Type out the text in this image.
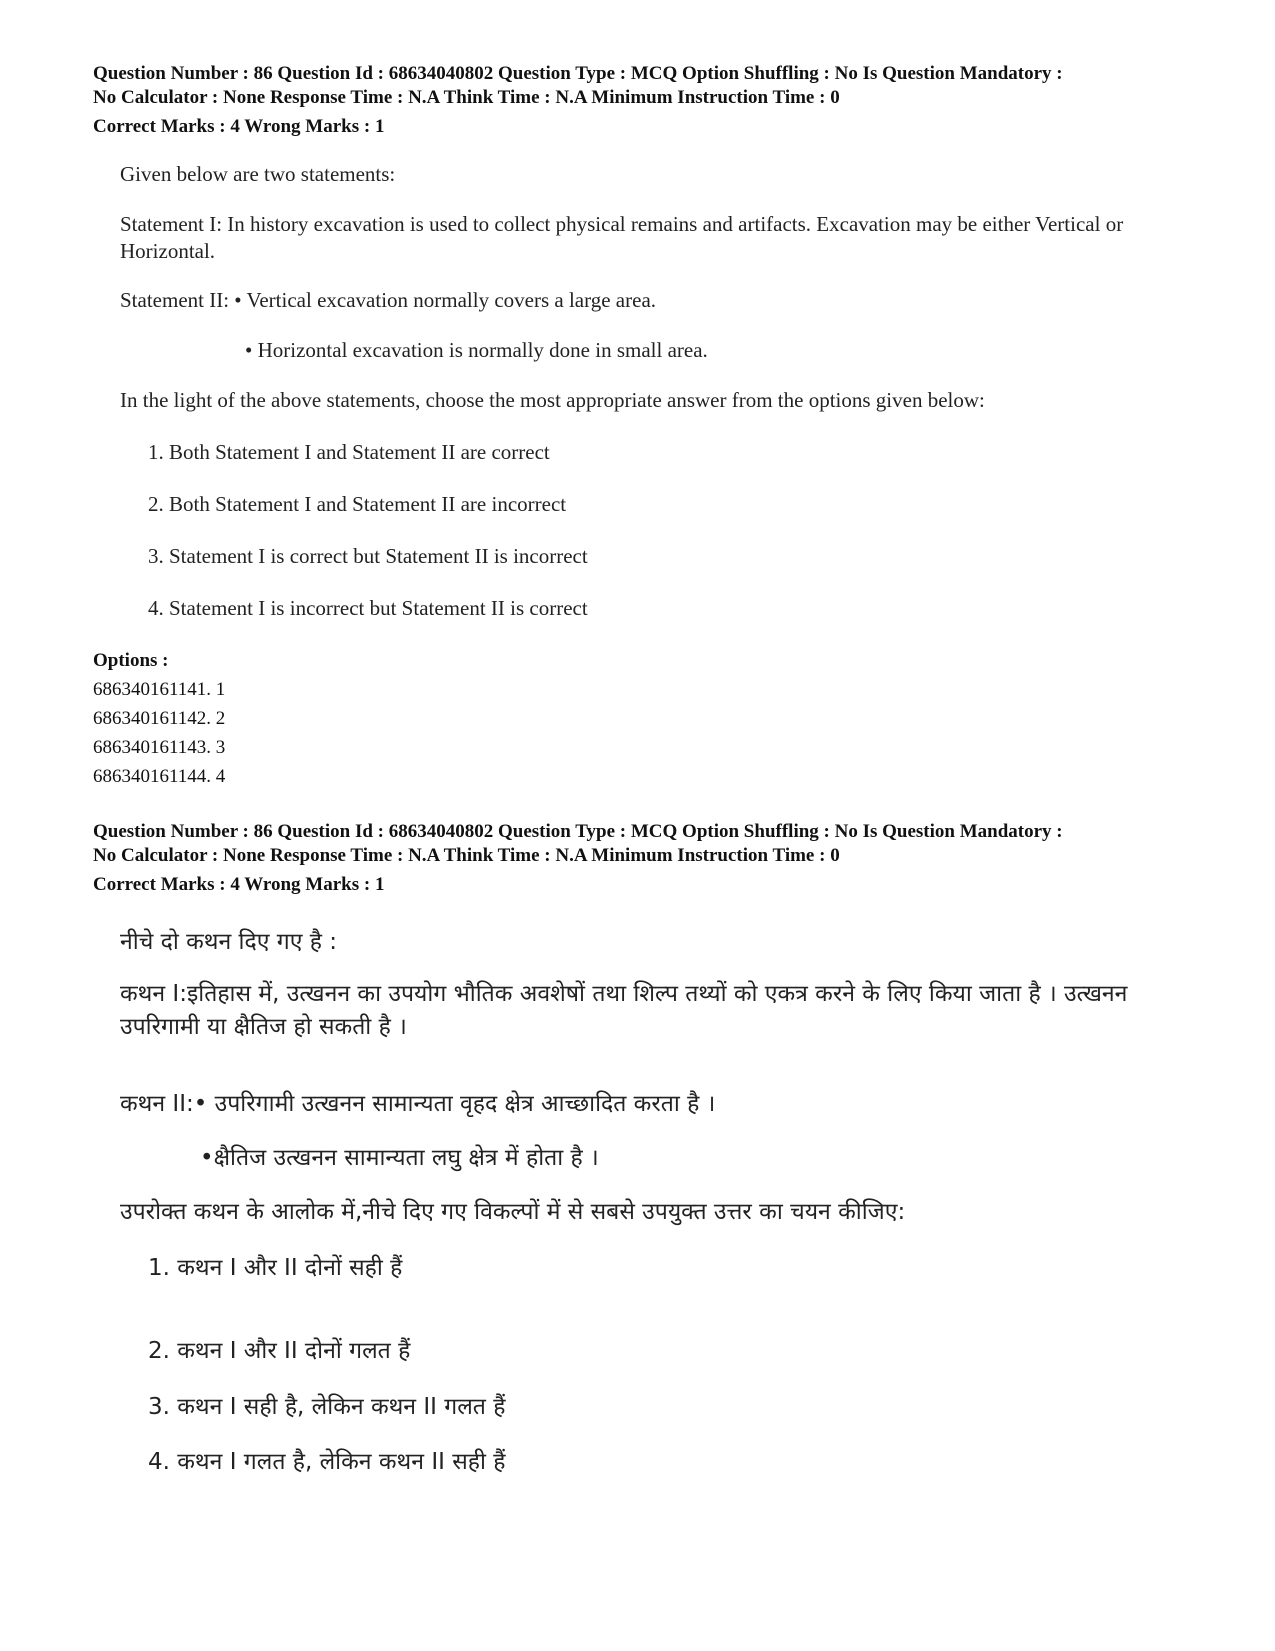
Question Number : 86 Question Id : 68634040802 Question Type : MCQ Option Shuffling : No Is Question Mandatory :

No Calculator : None Response Time : N.A Think Time : N.A Minimum Instruction Time : 0

Correct Marks : 4 Wrong Marks : 1

Given below are two statements:

Statement I: In history excavation is used to collect physical remains and artifacts. Excavation may be either Vertical or Horizontal.

Statement II: • Vertical excavation normally covers a large area.

• Horizontal excavation is normally done in small area.

In the light of the above statements, choose the most appropriate answer from the options given below:

1. Both Statement I and Statement II are correct

2. Both Statement I and Statement II are incorrect

3. Statement I is correct but Statement II is incorrect

4. Statement I is incorrect but Statement II is correct

Options :
686340161141. 1
686340161142. 2
686340161143. 3
686340161144. 4

Question Number : 86 Question Id : 68634040802 Question Type : MCQ Option Shuffling : No Is Question Mandatory :

No Calculator : None Response Time : N.A Think Time : N.A Minimum Instruction Time : 0

Correct Marks : 4 Wrong Marks : 1

नीचे दो कथन दिए गए है :

कथन I:इतिहास में, उत्खनन का उपयोग भौतिक अवशेषों तथा शिल्प तथ्यों को एकत्र करने के लिए किया जाता है । उत्खनन उपरिगामी या क्षैतिज हो सकती है ।

कथन II:• उपरिगामी उत्खनन सामान्यता वृहद क्षेत्र आच्छादित करता है ।

•क्षैतिज उत्खनन सामान्यता लघु क्षेत्र में होता है ।

उपरोक्त कथन के आलोक में,नीचे दिए गए विकल्पों में से सबसे उपयुक्त उत्तर का चयन कीजिए:

1. कथन I और II दोनों सही हैं

2. कथन I और II दोनों गलत हैं

3. कथन I सही है, लेकिन कथन II गलत हैं

4. कथन I गलत है, लेकिन कथन II सही हैं
